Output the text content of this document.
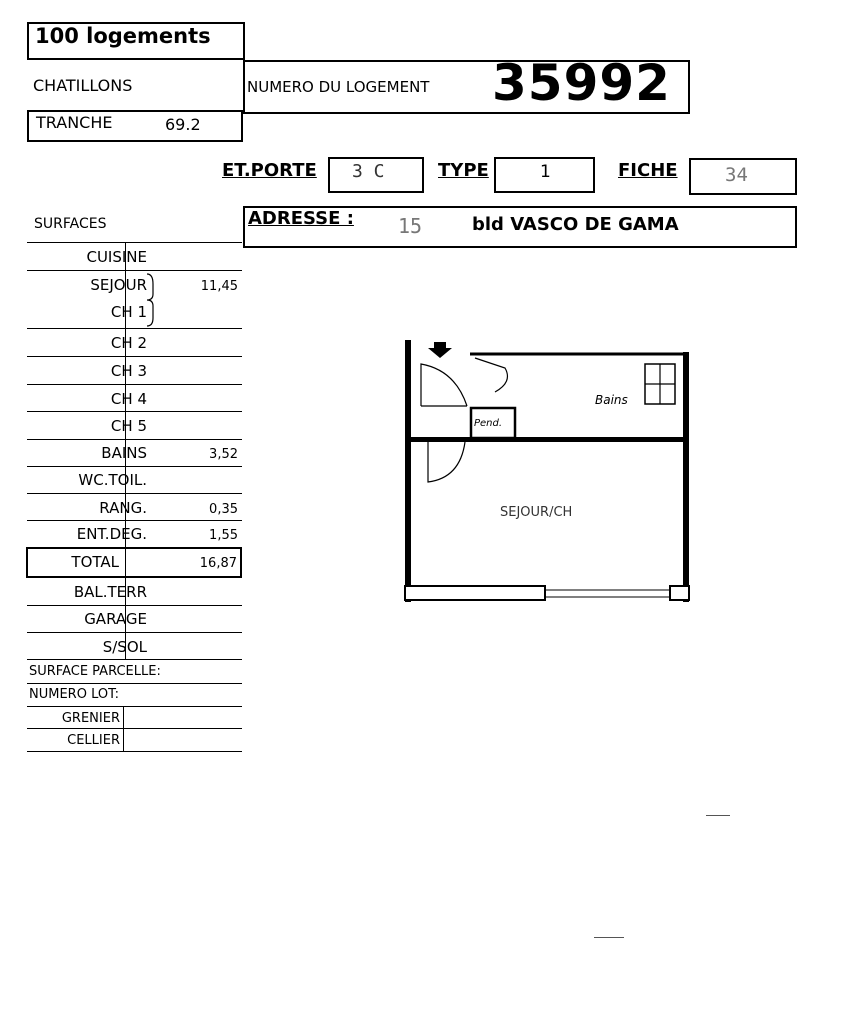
100 logements
CHATILLONS
TRANCHE	69.2
NUMERO DU LOGEMENT 35992
ET.PORTE 3 C	TYPE	1	FICHE 34
ADRESSE : 15	bld VASCO DE GAMA
SURFACES
CUISINE
SEJOUR	11,45
CH 1
CH 2
CH 3
CH 4
CH 5
BAINS	3,52
WC.TOIL.
RANG.	0,35
ENT.DEG.	1,55
TOTAL	16,87
BAL.TERR
GARAGE
S/SOL
SURFACE PARCELLE:
NUMERO LOT:
GRENIER
CELLIER
Bains
Pend.
SEJOUR/CH
